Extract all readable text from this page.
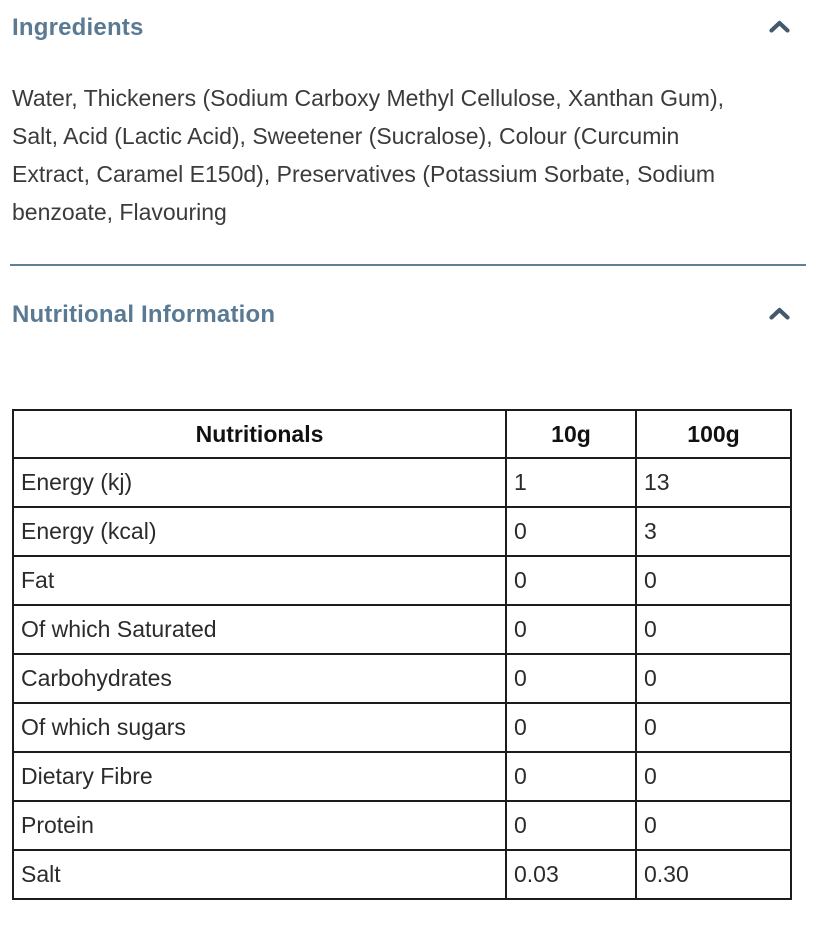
Ingredients

Water, Thickeners (Sodium Carboxy Methyl Cellulose, Xanthan Gum), Salt, Acid (Lactic Acid), Sweetener (Sucralose), Colour (Curcumin Extract, Caramel E150d), Preservatives (Potassium Sorbate, Sodium benzoate, Flavouring

Nutritional Information
Nutritionals	10g	100g
Energy (kj)	1	13
Energy (kcal)	0	3
Fat	0	0
Of which Saturated	0	0
Carbohydrates	0	0
Of which sugars	0	0
Dietary Fibre	0	0
Protein	0	0
Salt	0.03	0.30
